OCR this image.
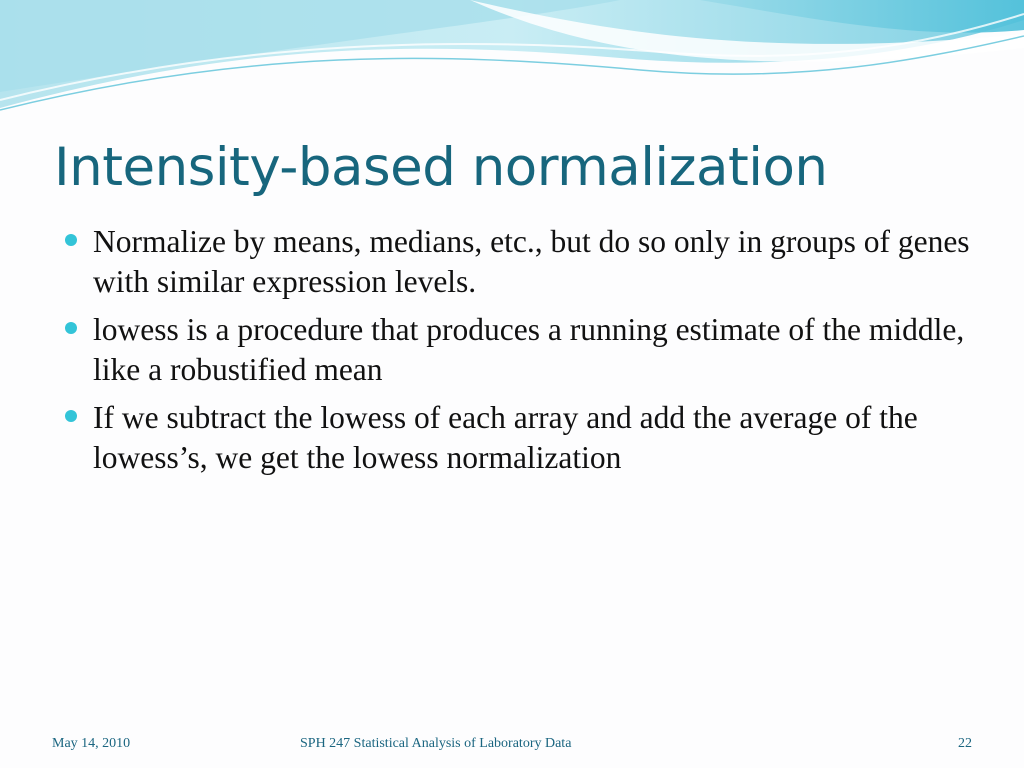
Intensity-based normalization
Normalize by means, medians, etc., but do so only in groups of genes with similar expression levels.
lowess is a procedure that produces a running estimate of the middle, like a robustified mean
If we subtract the lowess of each array and add the average of the lowess’s, we get the lowess normalization
May 14, 2010	SPH 247 Statistical Analysis of Laboratory Data	22
